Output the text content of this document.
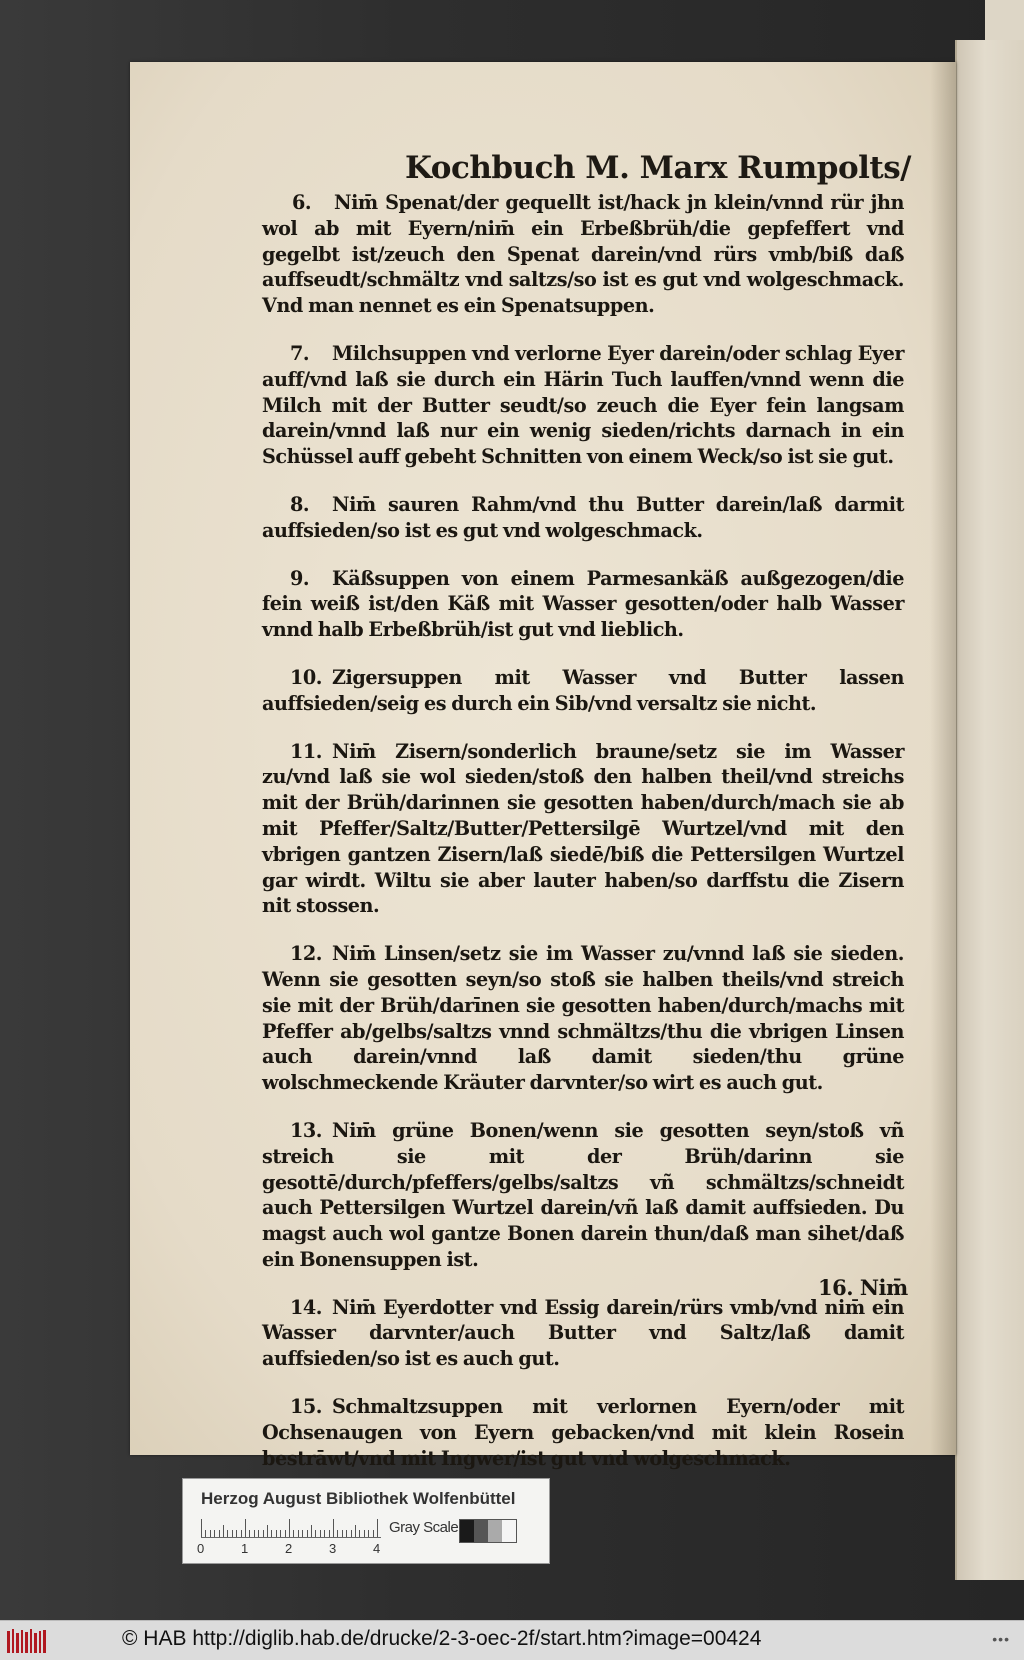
Kochbuch M. Marx Rumpolts/

6. Nim̄ Spenat/der gequellt ist/hack jn klein/vnnd rür jhn wol ab mit Eyern/nim̄ ein Erbeßbrüh/die gepfeffert vnd gegelbt ist/zeuch den Spenat darein/vnd rürs vmb/biß daß auffseudt/schmältz vnd saltzs/so ist es gut vnd wolgeschmack. Vnd man nennet es ein Spenatsuppen.

7. Milchsuppen vnd verlorne Eyer darein/oder schlag Eyer auff/vnd laß sie durch ein Härin Tuch lauffen/vnnd wenn die Milch mit der Butter seudt/so zeuch die Eyer fein langsam darein/vnnd laß nur ein wenig sieden/richts darnach in ein Schüssel auff gebeht Schnitten von einem Weck/so ist sie gut.

8. Nim̄ sauren Rahm/vnd thu Butter darein/laß darmit auffsieden/so ist es gut vnd wolgeschmack.

9. Käßsuppen von einem Parmesankäß außgezogen/die fein weiß ist/den Käß mit Wasser gesotten/oder halb Wasser vnnd halb Erbeßbrüh/ist gut vnd lieblich.

10. Zigersuppen mit Wasser vnd Butter lassen auffsieden/seig es durch ein Sib/vnd versaltz sie nicht.

11. Nim̄ Zisern/sonderlich braune/setz sie im Wasser zu/vnd laß sie wol sieden/stoß den halben theil/vnd streichs mit der Brüh/darinnen sie gesotten haben/durch/mach sie ab mit Pfeffer/Saltz/Butter/Pettersilgē Wurtzel/vnd mit den vbrigen gantzen Zisern/laß siedē/biß die Pettersilgen Wurtzel gar wirdt. Wiltu sie aber lauter haben/so darffstu die Zisern nit stossen.

12. Nim̄ Linsen/setz sie im Wasser zu/vnnd laß sie sieden. Wenn sie gesotten seyn/so stoß sie halben theils/vnd streich sie mit der Brüh/darīnen sie gesotten haben/durch/machs mit Pfeffer ab/gelbs/saltzs vnnd schmältzs/thu die vbrigen Linsen auch darein/vnnd laß damit sieden/thu grüne wolschmeckende Kräuter darvnter/so wirt es auch gut.

13. Nim̄ grüne Bonen/wenn sie gesotten seyn/stoß vñ streich sie mit der Brüh/darinn sie gesottē/durch/pfeffers/gelbs/saltzs vñ schmältzs/schneidt auch Pettersilgen Wurtzel darein/vñ laß damit auffsieden. Du magst auch wol gantze Bonen darein thun/daß man sihet/daß ein Bonensuppen ist.

14. Nim̄ Eyerdotter vnd Essig darein/rürs vmb/vnd nim̄ ein Wasser darvnter/auch Butter vnd Saltz/laß damit auffsieden/so ist es auch gut.

15. Schmaltzsuppen mit verlornen Eyern/oder mit Ochsenaugen von Eyern gebacken/vnd mit klein Rosein bestrāwt/vnd mit Ingwer/ist gut vnd wolgeschmack.

16. Nim̄
Herzog August Bibliothek Wolfenbüttel
0	1	2	3	4
Gray Scale
© HAB http://diglib.hab.de/drucke/2-3-oec-2f/start.htm?image=00424	•••
